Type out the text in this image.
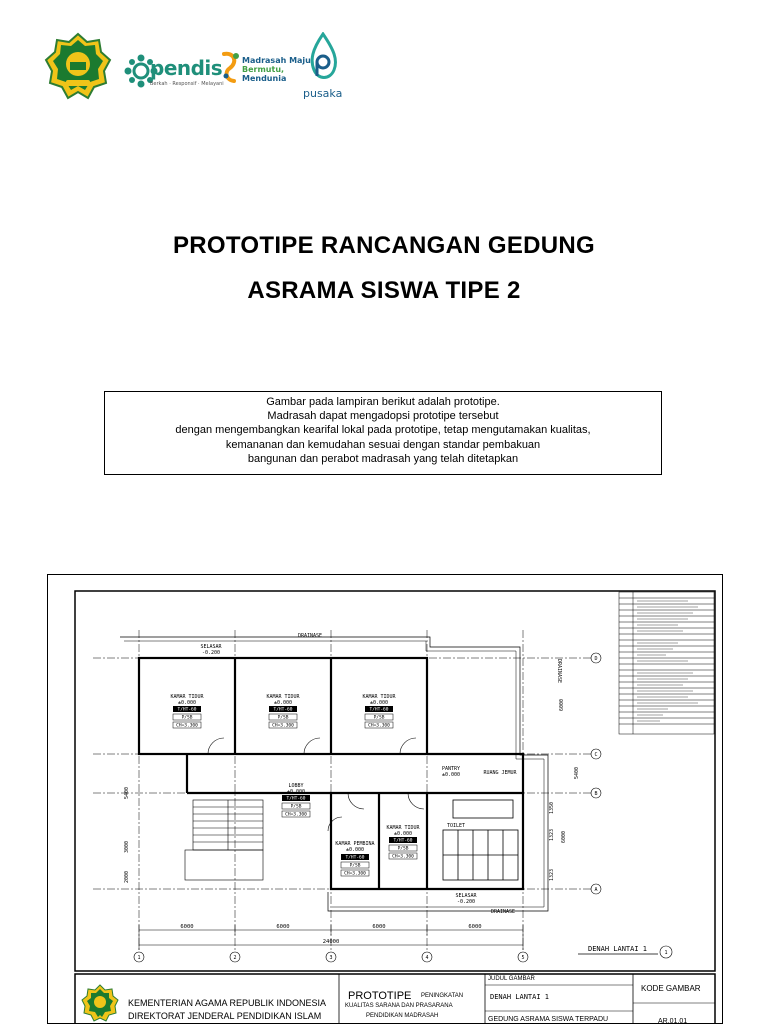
pendis
Berkah · Responsif · Melayani
Madrasah Maju,
Bermutu,
Mendunia
pusaka
PROTOTIPE RANCANGAN GEDUNG
ASRAMA SISWA TIPE 2
Gambar pada lampiran berikut adalah prototipe.
Madrasah dapat mengadopsi prototipe tersebut
dengan mengembangkan kearifal lokal pada prototipe, tetap mengutamakan kualitas,
kemananan dan kemudahan sesuai dengan standar pembakuan
bangunan dan perabot madrasah yang telah ditetapkan
SELASAR
-0.200
DRAINASE
DRAINASE
DRAINASE
KAMAR TIDUR	KAMAR TIDUR	KAMAR TIDUR
KAMAR TIDUR
KAMAR PEMBINA
LOBBY
PANTRY
RUANG JEMUR
TOILET
SELASAR
-0.200
±0.000	±0.000	±0.000
±0.000
±0.000
±0.000
±0.000
T/HT-60
P/SB
CH=3.300
T/HT-60
P/SB
CH=3.300
T/HT-60
P/SB
CH=3.300
T/HT-60
P/SB
CH=3.300
T/HT-60
P/SB
CH=3.300
T/HT-60
P/SB
CH=3.300
6000	6000	6000	6000
24000
6000
5400
1350
1323 6000
1323
5400
3000
2000
1	2	3	4	5
D
C
B
A
DENAH LANTAI 1	1
KEMENTERIAN AGAMA REPUBLIK INDONESIA
DIREKTORAT JENDERAL PENDIDIKAN ISLAM
PROTOTIPE PENINGKATAN
KUALITAS SARANA DAN PRASARANA
PENDIDIKAN MADRASAH
JUDUL GAMBAR
DENAH LANTAI 1
GEDUNG ASRAMA SISWA TERPADU
KODE GAMBAR
AR.01.01
